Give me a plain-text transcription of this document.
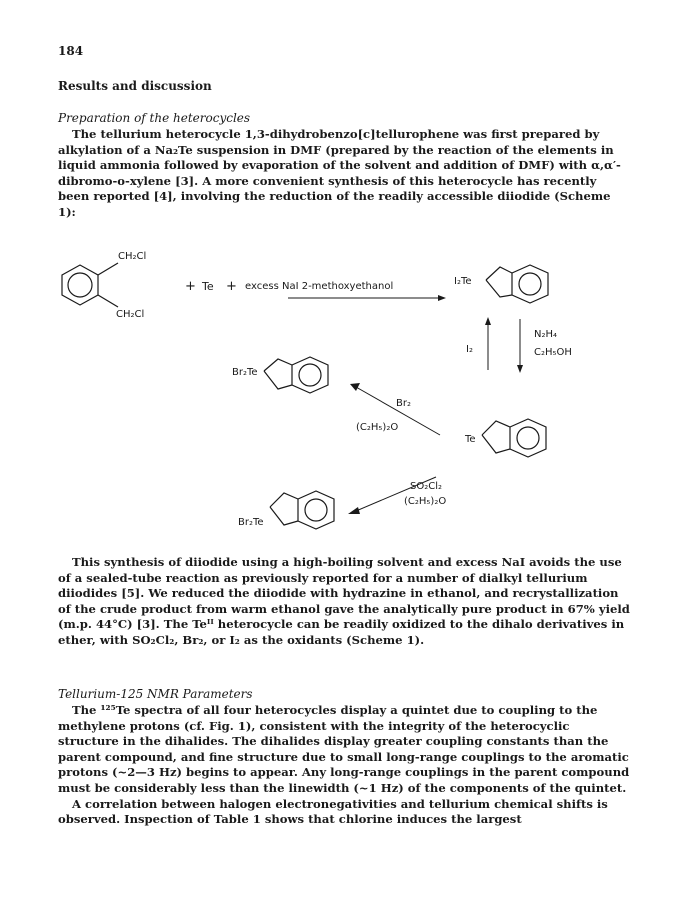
184
Results and discussion
Preparation of the heterocycles

The tellurium heterocycle 1,3-dihydrobenzo[c]tellurophene was first prepared by alkylation of a Na₂Te suspension in DMF (prepared by the reaction of the elements in liquid ammonia followed by evaporation of the solvent and addition of DMF) with α,α′-dibromo-o-xylene [3]. A more convenient synthesis of this heterocycle has recently been reported [4], involving the reduction of the readily accessible diiodide (Scheme 1):

CH₂Cl
CH₂Cl
+ Te + excess NaI 2-methoxyethanol	I₂Te
I₂
N₂H₄
C₂H₅OH
Br₂Te
Br₂
(C₂H₅)₂O
Te
SO₂Cl₂
(C₂H₅)₂O
Br₂Te

This synthesis of diiodide using a high-boiling solvent and excess NaI avoids the use of a sealed-tube reaction as previously reported for a number of dialkyl tellurium diiodides [5]. We reduced the diiodide with hydrazine in ethanol, and recrystallization of the crude product from warm ethanol gave the analytically pure product in 67% yield (m.p. 44°C) [3]. The Teᴵᴵ heterocycle can be readily oxidized to the dihalo derivatives in ether, with SO₂Cl₂, Br₂, or I₂ as the oxidants (Scheme 1).

Tellurium-125 NMR Parameters

The ¹²⁵Te spectra of all four heterocycles display a quintet due to coupling to the methylene protons (cf. Fig. 1), consistent with the integrity of the heterocyclic structure in the dihalides. The dihalides display greater coupling constants than the parent compound, and fine structure due to small long-range couplings to the aromatic protons (~2—3 Hz) begins to appear. Any long-range couplings in the parent compound must be considerably less than the linewidth (~1 Hz) of the components of the quintet.

A correlation between halogen electronegativities and tellurium chemical shifts is observed. Inspection of Table 1 shows that chlorine induces the largest
